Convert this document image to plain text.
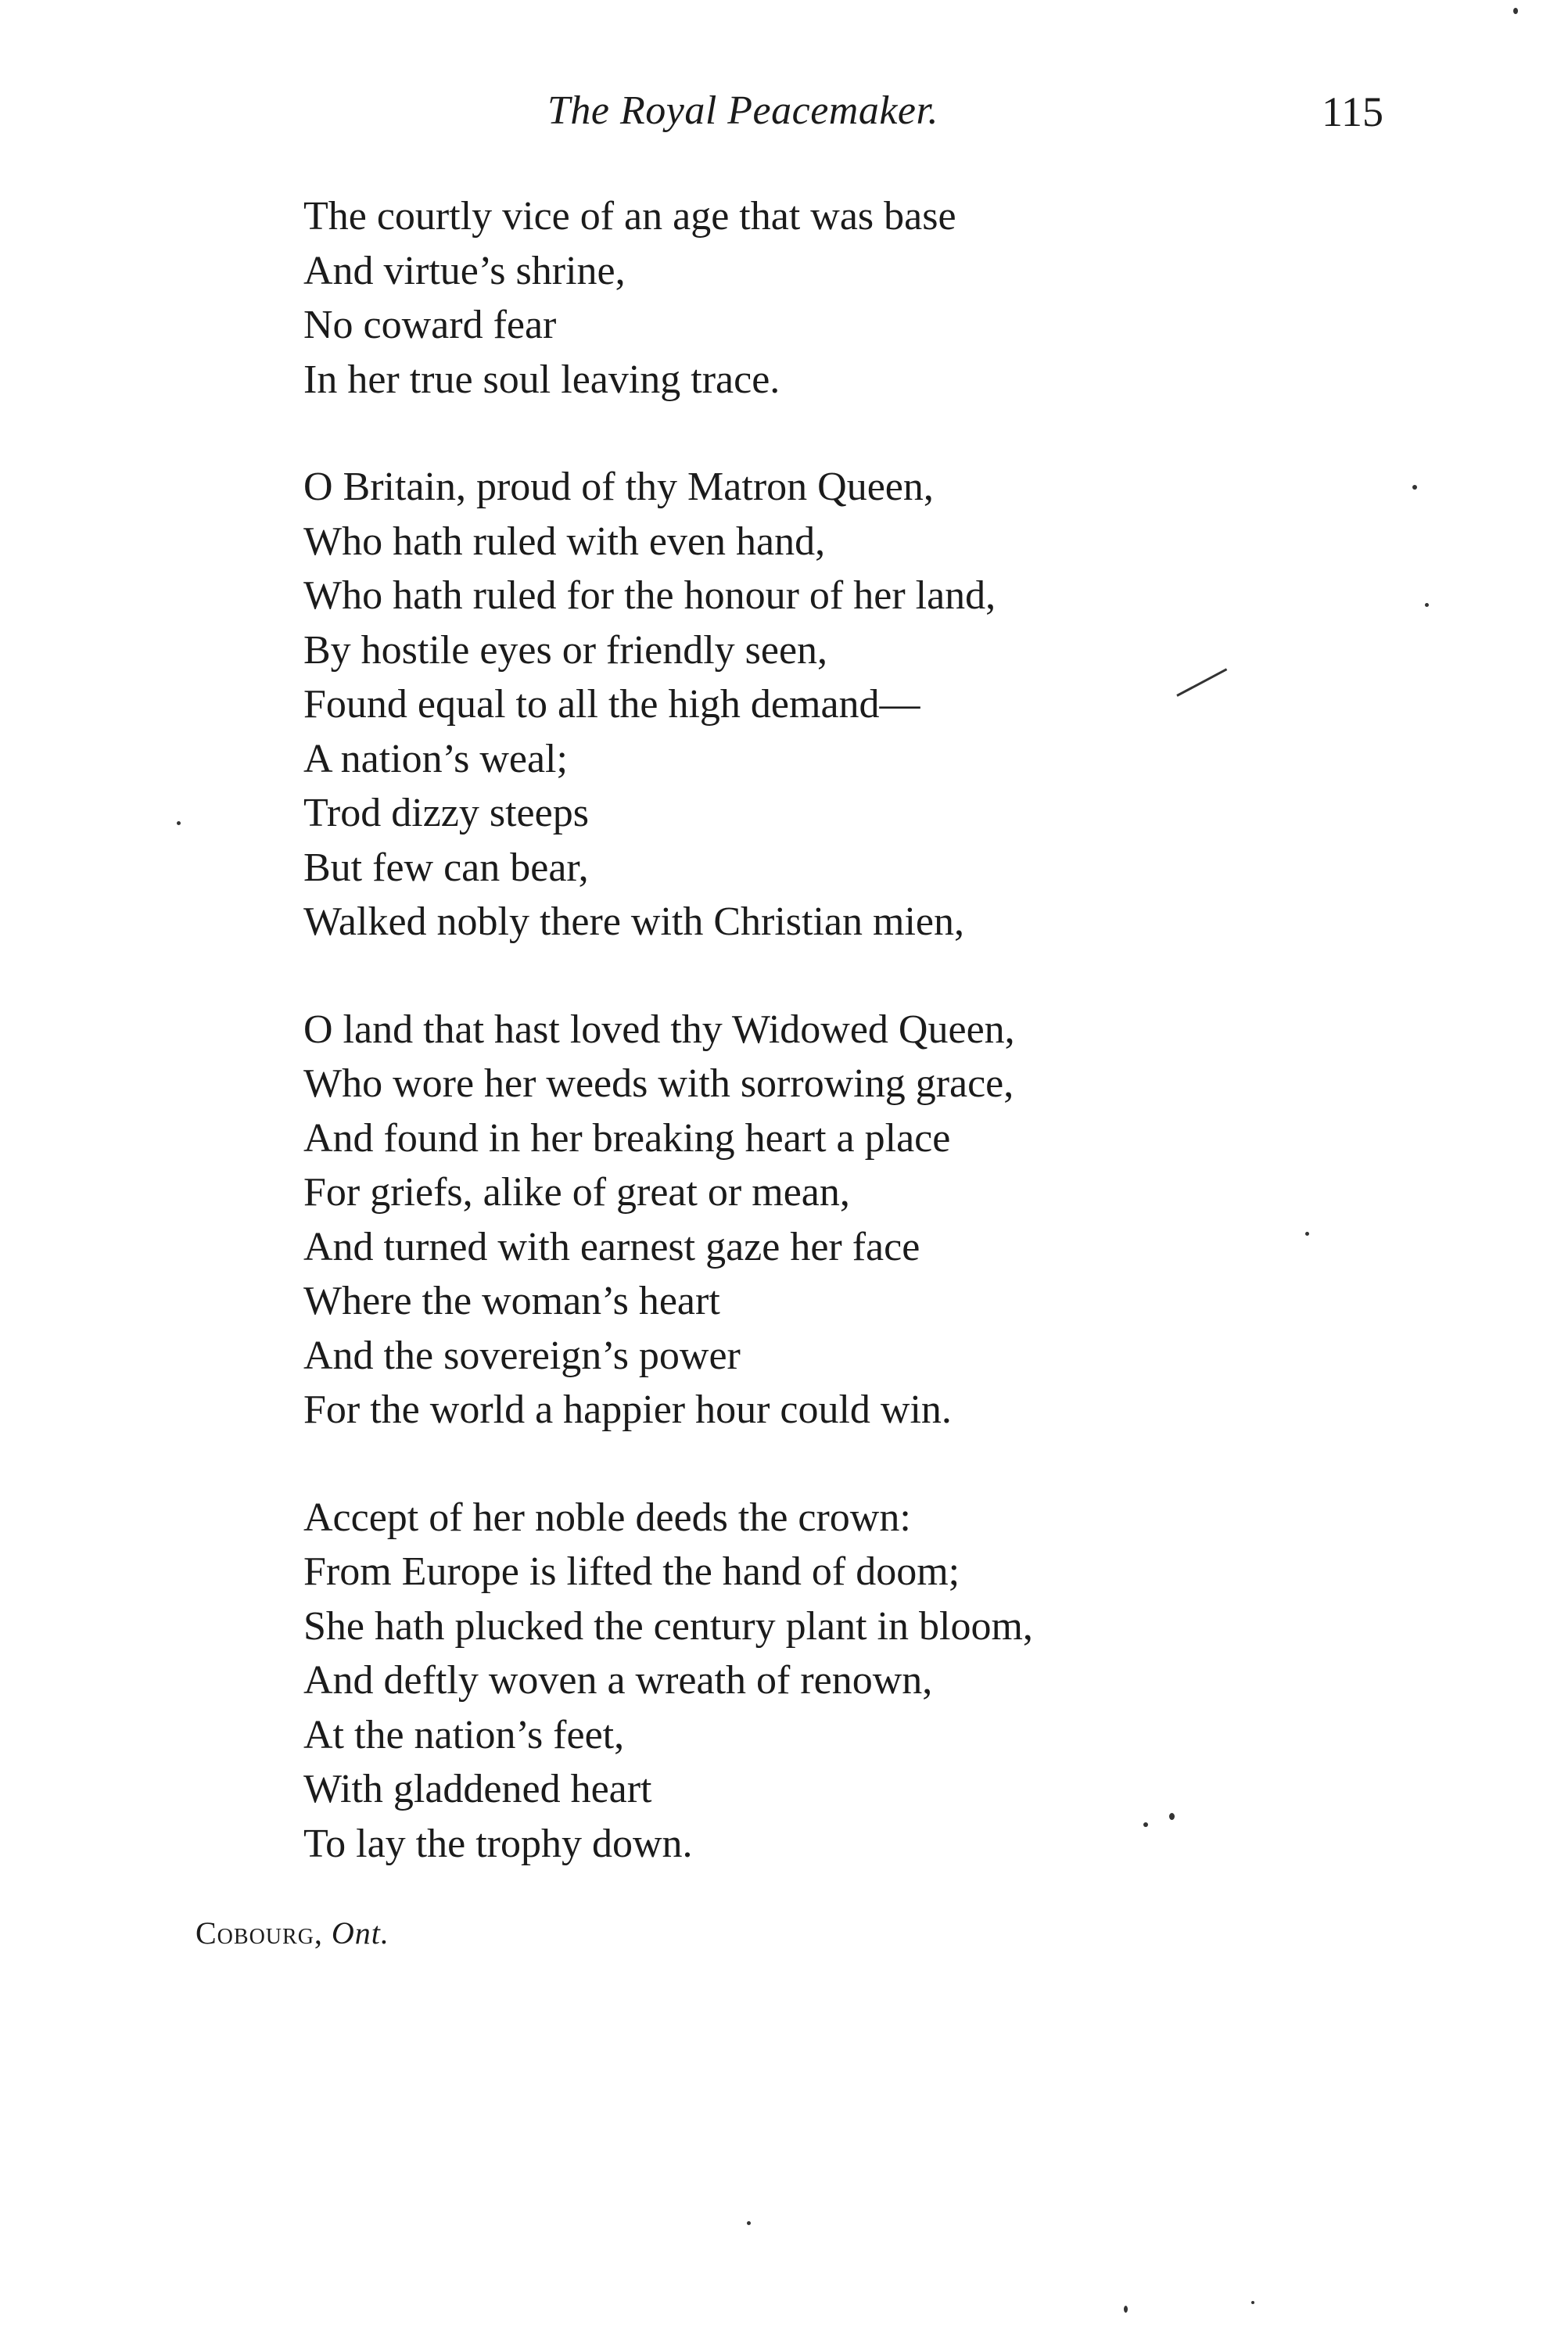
The Royal Peacemaker.	115
The courtly vice of an age that was base
And virtue’s shrine,
No coward fear
In her true soul leaving trace.
O Britain, proud of thy Matron Queen,
Who hath ruled with even hand,
Who hath ruled for the honour of her land,
By hostile eyes or friendly seen,
Found equal to all the high demand—
A nation’s weal;
Trod dizzy steeps
But few can bear,
Walked nobly there with Christian mien,
O land that hast loved thy Widowed Queen,
Who wore her weeds with sorrowing grace,
And found in her breaking heart a place
For griefs, alike of great or mean,
And turned with earnest gaze her face
Where the woman’s heart
And the sovereign’s power
For the world a happier hour could win.
Accept of her noble deeds the crown:
From Europe is lifted the hand of doom;
She hath plucked the century plant in bloom,
And deftly woven a wreath of renown,
At the nation’s feet,
With gladdened heart
To lay the trophy down.
Cobourg, Ont.
